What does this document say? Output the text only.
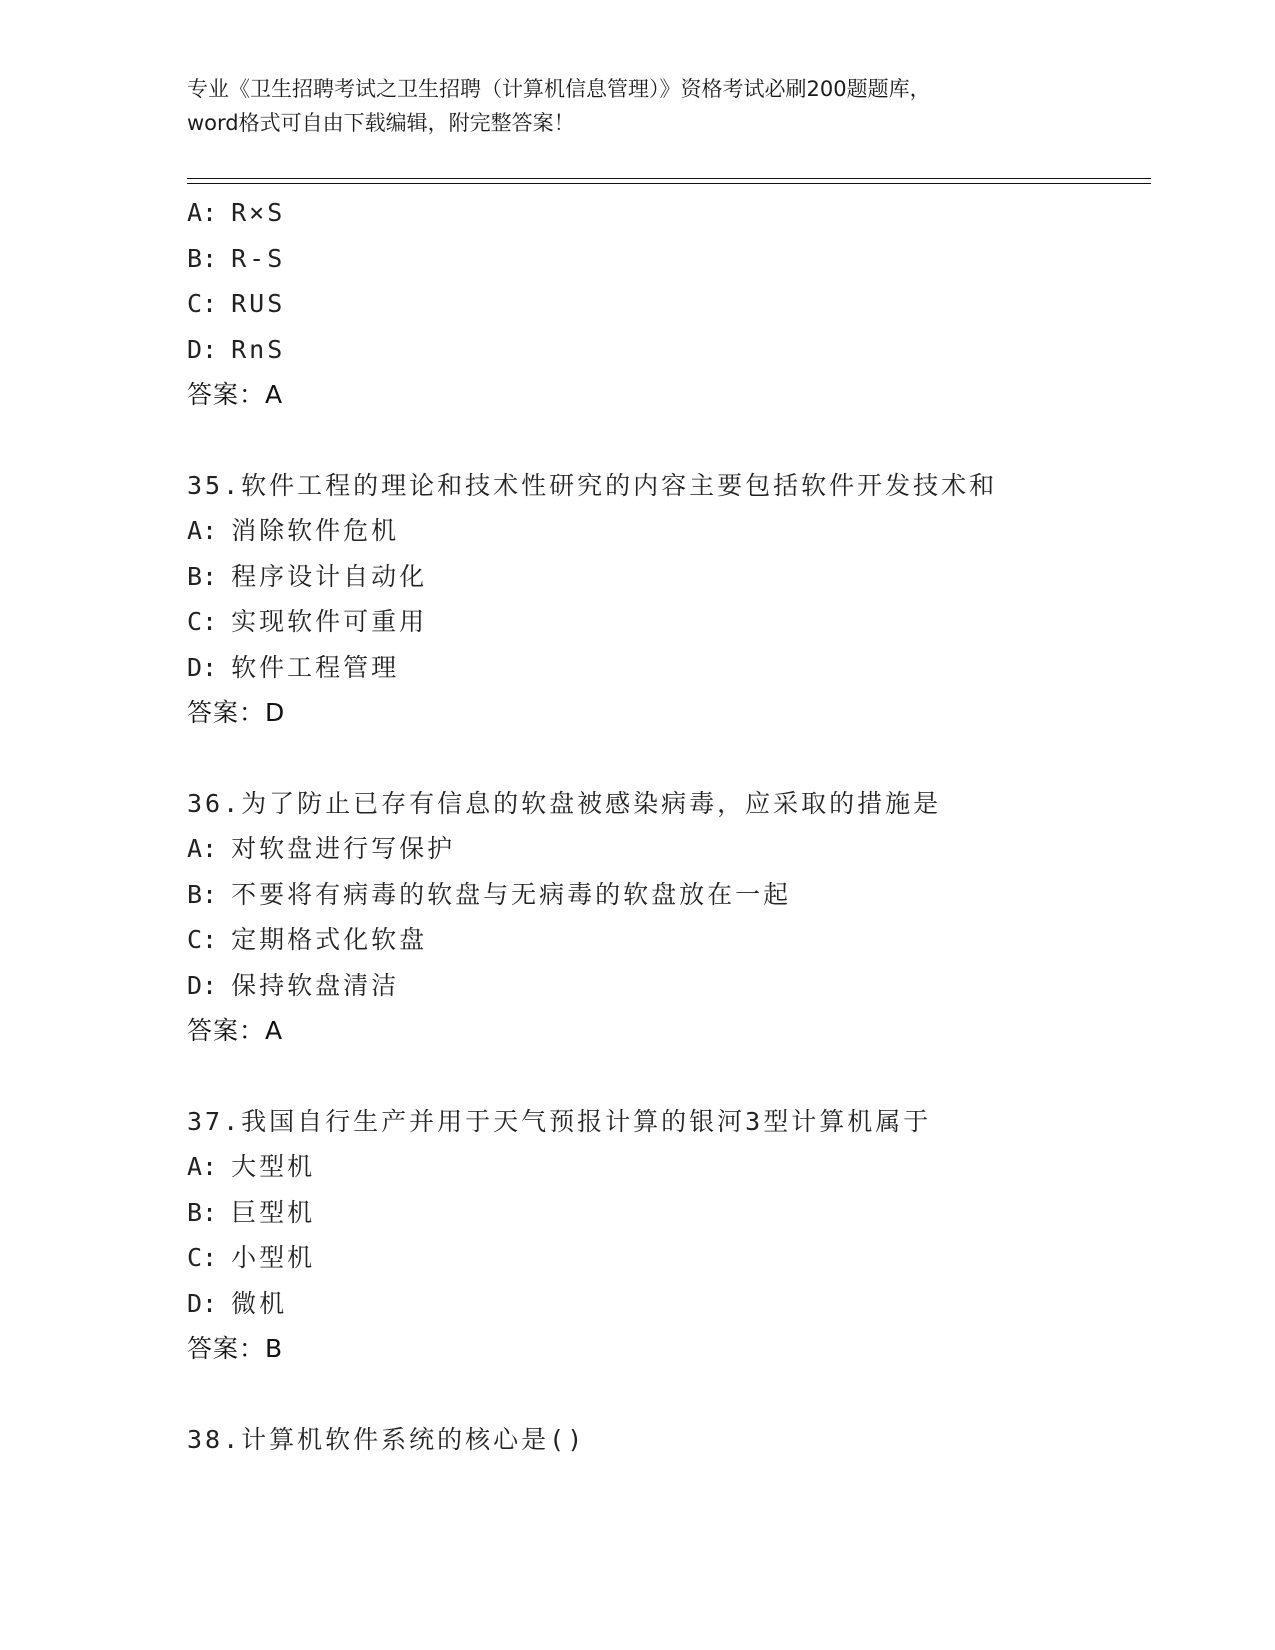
专业《卫生招聘考试之卫生招聘（计算机信息管理）》资格考试必刷200题题库，
word格式可自由下载编辑，附完整答案！
A: R×S
B: R-S
C: RUS
D: RnS
答案：A
35.软件工程的理论和技术性研究的内容主要包括软件开发技术和
A: 消除软件危机
B: 程序设计自动化
C: 实现软件可重用
D: 软件工程管理
答案：D
36.为了防止已存有信息的软盘被感染病毒，应采取的措施是
A: 对软盘进行写保护
B: 不要将有病毒的软盘与无病毒的软盘放在一起
C: 定期格式化软盘
D: 保持软盘清洁
答案：A
37.我国自行生产并用于天气预报计算的银河3型计算机属于
A: 大型机
B: 巨型机
C: 小型机
D: 微机
答案：B
38.计算机软件系统的核心是()
